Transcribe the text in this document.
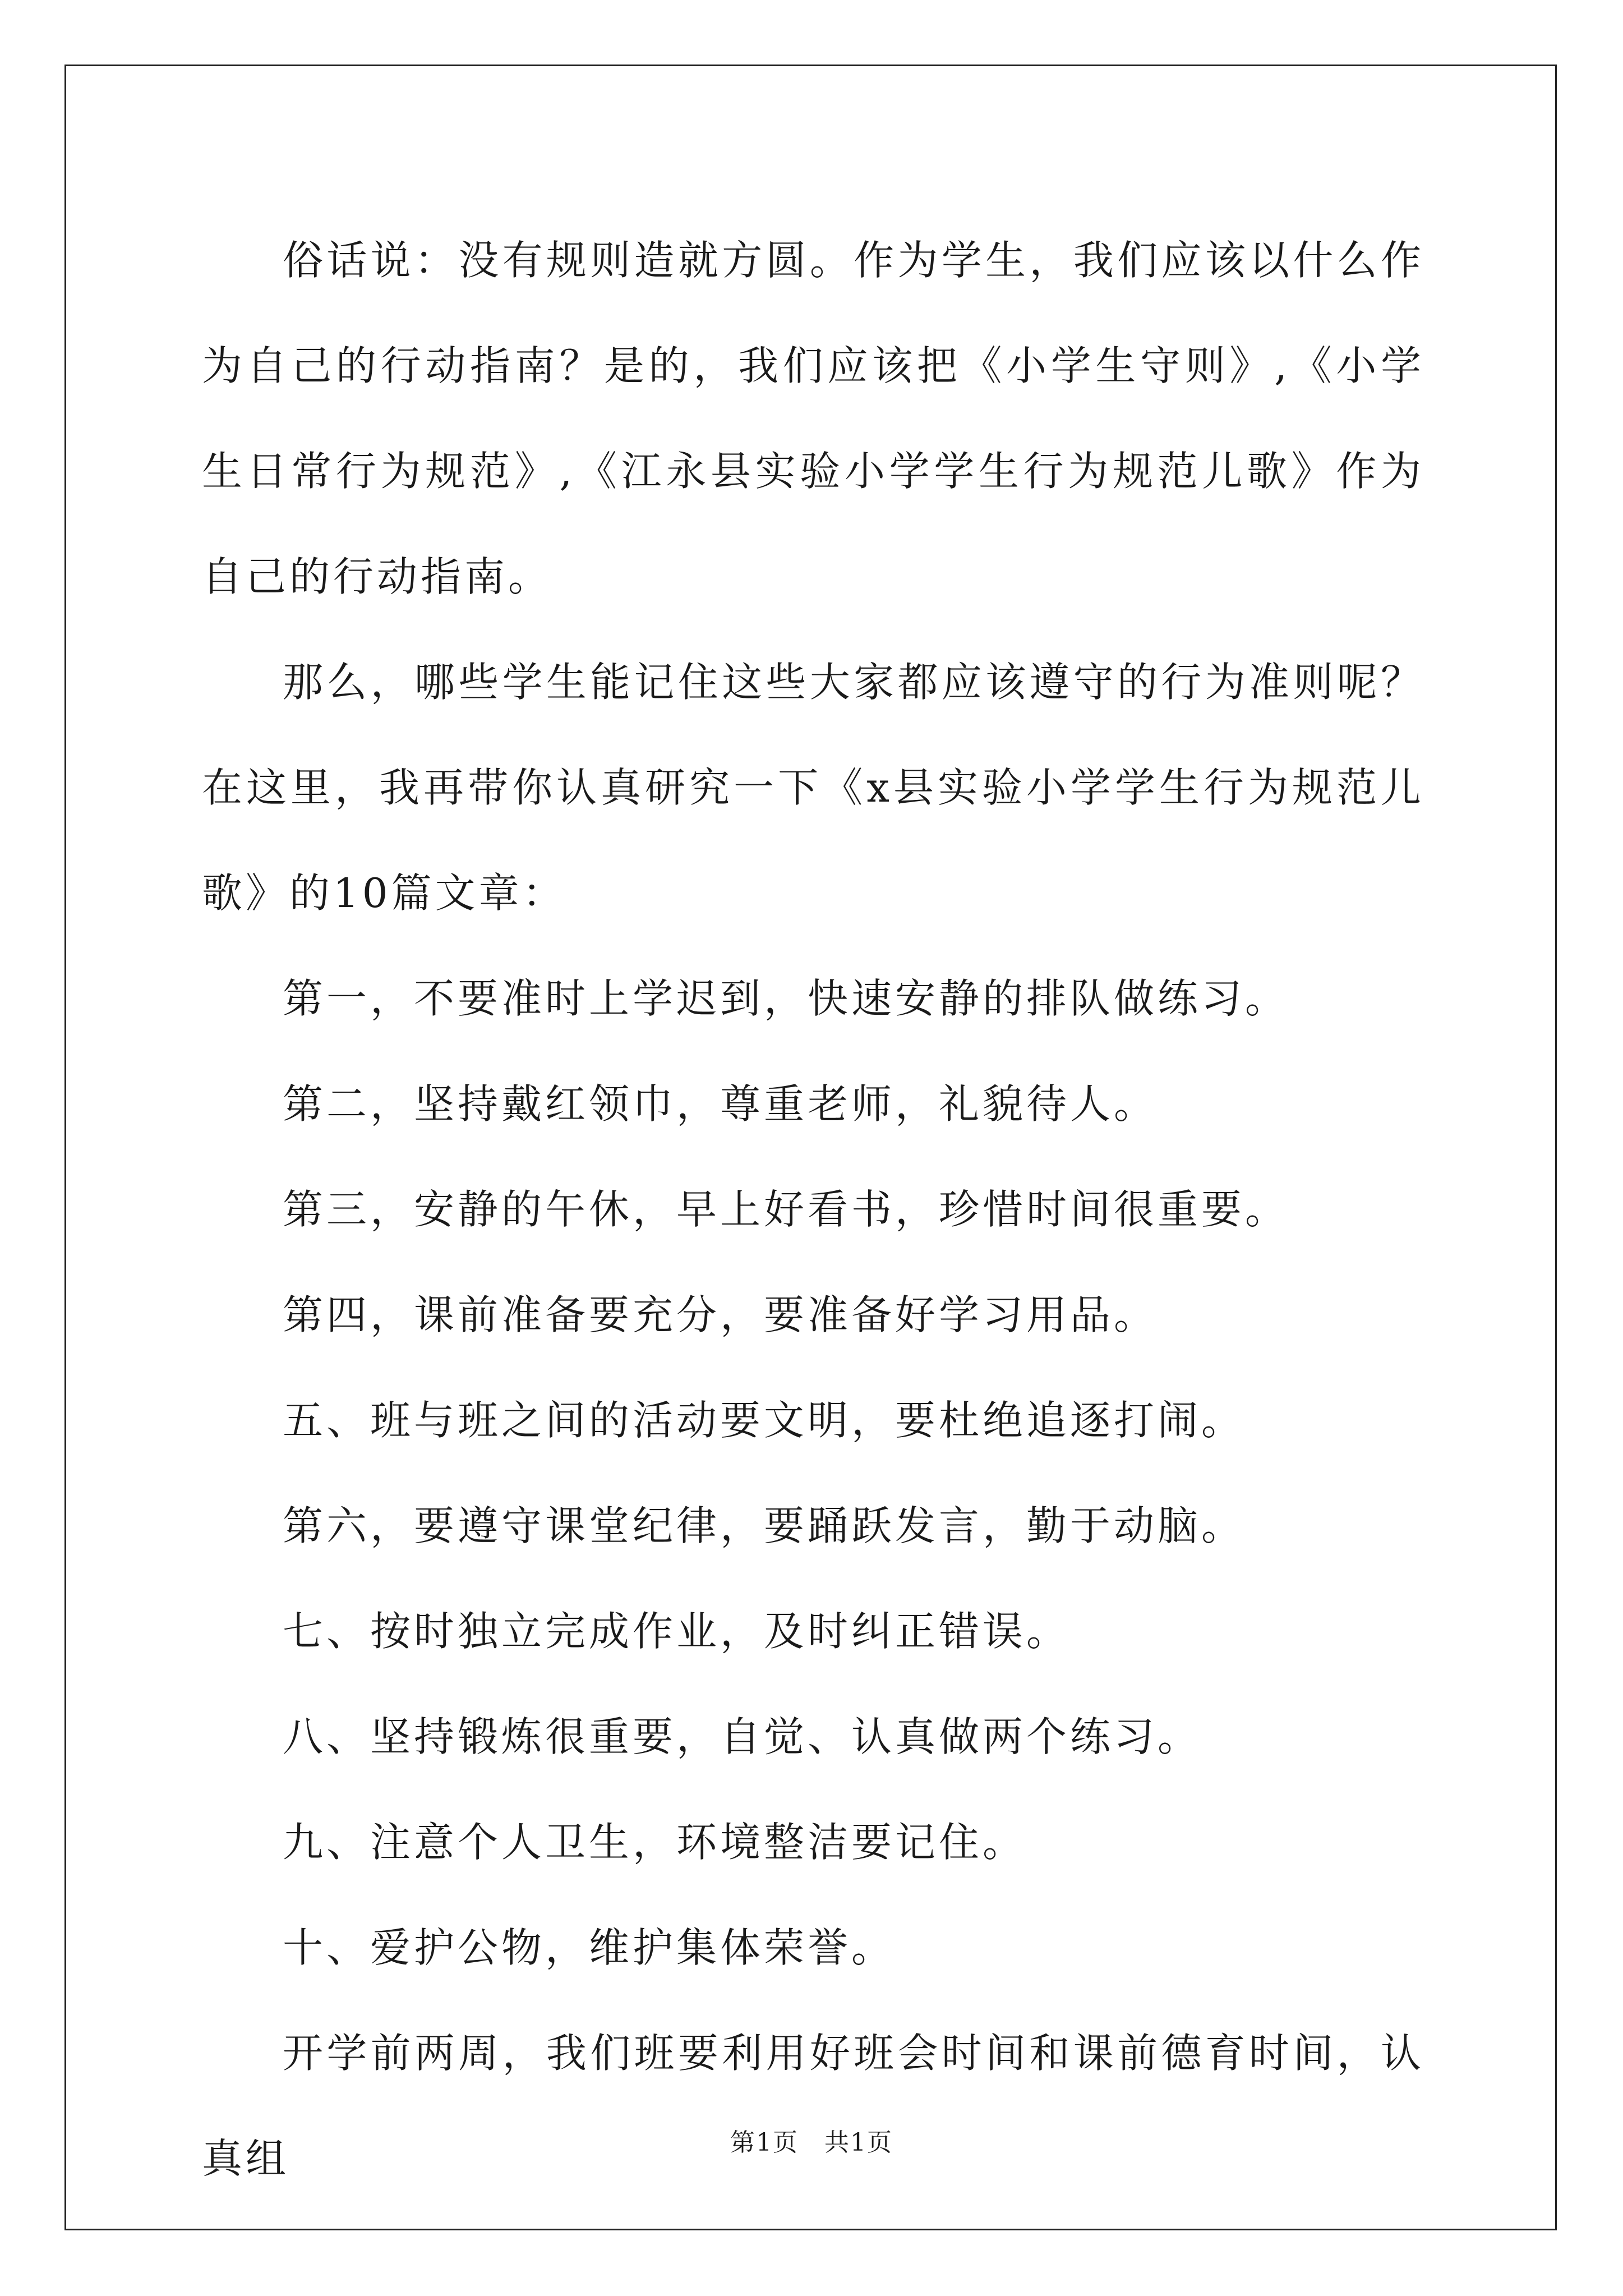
俗话说：没有规则造就方圆。作为学生，我们应该以什么作为自己的行动指南？是的，我们应该把《小学生守则》,《小学生日常行为规范》,《江永县实验小学学生行为规范儿歌》作为自己的行动指南。

那么，哪些学生能记住这些大家都应该遵守的行为准则呢？在这里，我再带你认真研究一下《x县实验小学学生行为规范儿歌》的10篇文章：

第一，不要准时上学迟到，快速安静的排队做练习。

第二，坚持戴红领巾，尊重老师，礼貌待人。

第三，安静的午休，早上好看书，珍惜时间很重要。

第四，课前准备要充分，要准备好学习用品。

五、班与班之间的活动要文明，要杜绝追逐打闹。

第六，要遵守课堂纪律，要踊跃发言，勤于动脑。

七、按时独立完成作业，及时纠正错误。

八、坚持锻炼很重要，自觉、认真做两个练习。

九、注意个人卫生，环境整洁要记住。

十、爱护公物，维护集体荣誉。

开学前两周，我们班要利用好班会时间和课前德育时间，认真组	第1页　共1页
